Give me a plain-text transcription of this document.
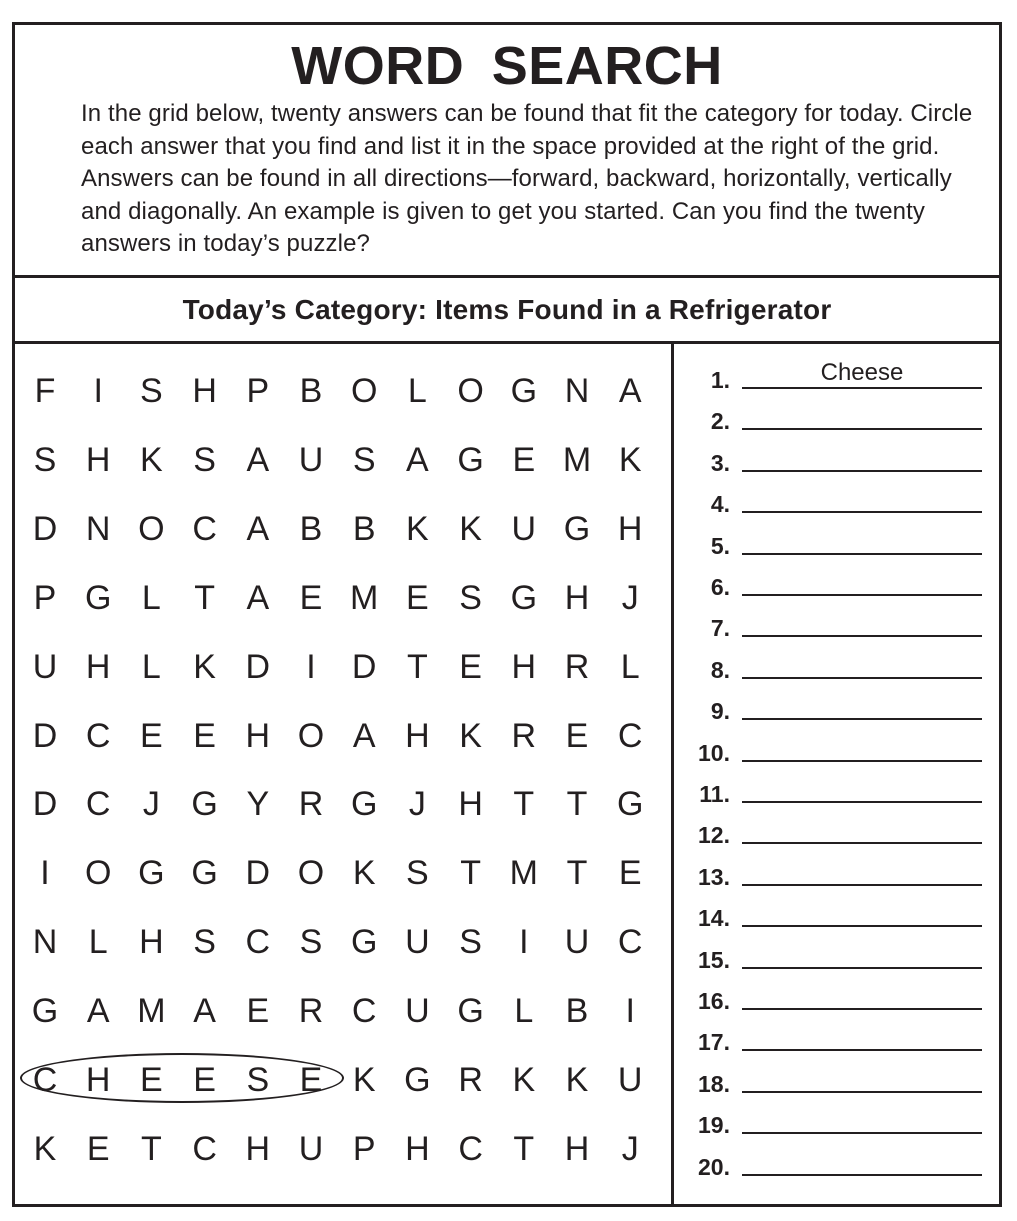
WORD SEARCH

In the grid below, twenty answers can be found that fit the category for today. Circle each answer that you find and list it in the space provided at the right of the grid. Answers can be found in all directions—forward, backward, horizontally, vertically and diagonally. An example is given to get you started. Can you find the twenty answers in today’s puzzle?

Today’s Category: Items Found in a Refrigerator
F	I	S H P B O L O G N A
S H K S A U S A G E M K
D N O C A B B K K U G H
P G L T A E M E S G H J
U H L K D	I	D T E H R L
D C E E H O A H K R E C
D C J G Y R G J H T T G
I	O G G D O K S T M T E
N L H S C S G U S	I	U C
G A M A E R C U G L B	I
C H E E S E K G R K K U
K E T C H U P H C T H J
1.
Cheese
2.
3.
4.
5.
6.
7.
8.
9.
10.
11.
12.
13.
14.
15.
16.
17.
18.
19.
20.
